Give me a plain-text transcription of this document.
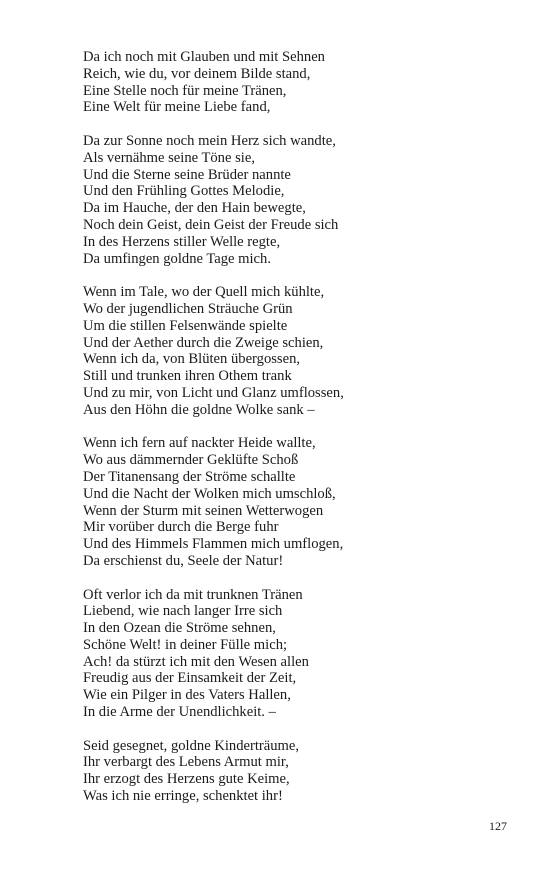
Da ich noch mit Glauben und mit Sehnen
Reich, wie du, vor deinem Bilde stand,
Eine Stelle noch für meine Tränen,
Eine Welt für meine Liebe fand,
Da zur Sonne noch mein Herz sich wandte,
Als vernähme seine Töne sie,
Und die Sterne seine Brüder nannte
Und den Frühling Gottes Melodie,
Da im Hauche, der den Hain bewegte,
Noch dein Geist, dein Geist der Freude sich
In des Herzens stiller Welle regte,
Da umfingen goldne Tage mich.
Wenn im Tale, wo der Quell mich kühlte,
Wo der jugendlichen Sträuche Grün
Um die stillen Felsenwände spielte
Und der Aether durch die Zweige schien,
Wenn ich da, von Blüten übergossen,
Still und trunken ihren Othem trank
Und zu mir, von Licht und Glanz umflossen,
Aus den Höhn die goldne Wolke sank –
Wenn ich fern auf nackter Heide wallte,
Wo aus dämmernder Geklüfte Schoß
Der Titanensang der Ströme schallte
Und die Nacht der Wolken mich umschloß,
Wenn der Sturm mit seinen Wetterwogen
Mir vorüber durch die Berge fuhr
Und des Himmels Flammen mich umflogen,
Da erschienst du, Seele der Natur!
Oft verlor ich da mit trunknen Tränen
Liebend, wie nach langer Irre sich
In den Ozean die Ströme sehnen,
Schöne Welt! in deiner Fülle mich;
Ach! da stürzt ich mit den Wesen allen
Freudig aus der Einsamkeit der Zeit,
Wie ein Pilger in des Vaters Hallen,
In die Arme der Unendlichkeit. –
Seid gesegnet, goldne Kinderträume,
Ihr verbargt des Lebens Armut mir,
Ihr erzogt des Herzens gute Keime,
Was ich nie erringe, schenktet ihr!
127
